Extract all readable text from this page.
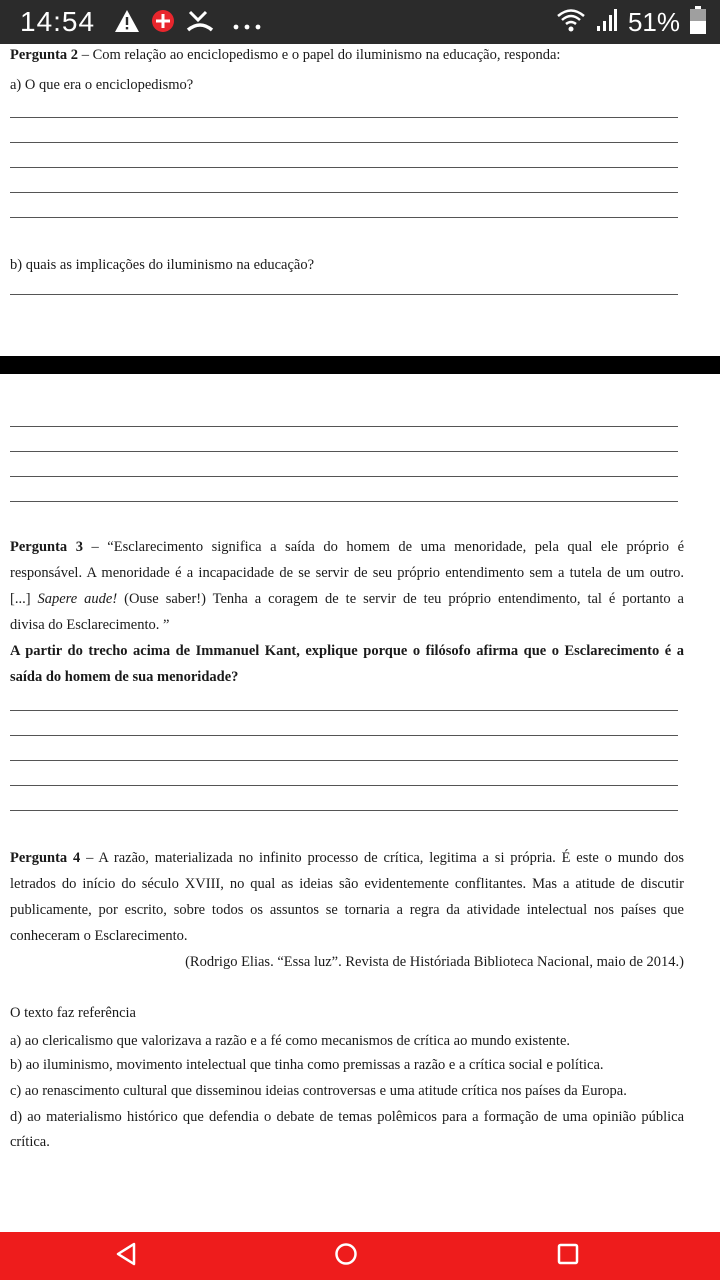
14:54	51%

Pergunta 2 – Com relação ao enciclopedismo e o papel do iluminismo na educação, responda:

a) O que era o enciclopedismo?

b) quais as implicações do iluminismo na educação?

Pergunta 3 – “Esclarecimento significa a saída do homem de uma menoridade, pela qual ele próprio é

responsável. A menoridade é a incapacidade de se servir de seu próprio entendimento sem a tutela de um outro.

[...] Sapere aude! (Ouse saber!) Tenha a coragem de te servir de teu próprio entendimento, tal é portanto a

divisa do Esclarecimento. ”

A partir do trecho acima de Immanuel Kant, explique porque o filósofo afirma que o Esclarecimento é a

saída do homem de sua menoridade?

Pergunta 4 – A razão, materializada no infinito processo de crítica, legitima a si própria. É este o mundo dos

letrados do início do século XVIII, no qual as ideias são evidentemente conflitantes. Mas a atitude de discutir

publicamente, por escrito, sobre todos os assuntos se tornaria a regra da atividade intelectual nos países que

conheceram o Esclarecimento.

(Rodrigo Elias. “Essa luz”. Revista de Históriada Biblioteca Nacional, maio de 2014.)

O texto faz referência

a) ao clericalismo que valorizava a razão e a fé como mecanismos de crítica ao mundo existente.

b) ao iluminismo, movimento intelectual que tinha como premissas a razão e a crítica social e política.

c) ao renascimento cultural que disseminou ideias controversas e uma atitude crítica nos países da Europa.

d) ao materialismo histórico que defendia o debate de temas polêmicos para a formação de uma opinião pública

crítica.
